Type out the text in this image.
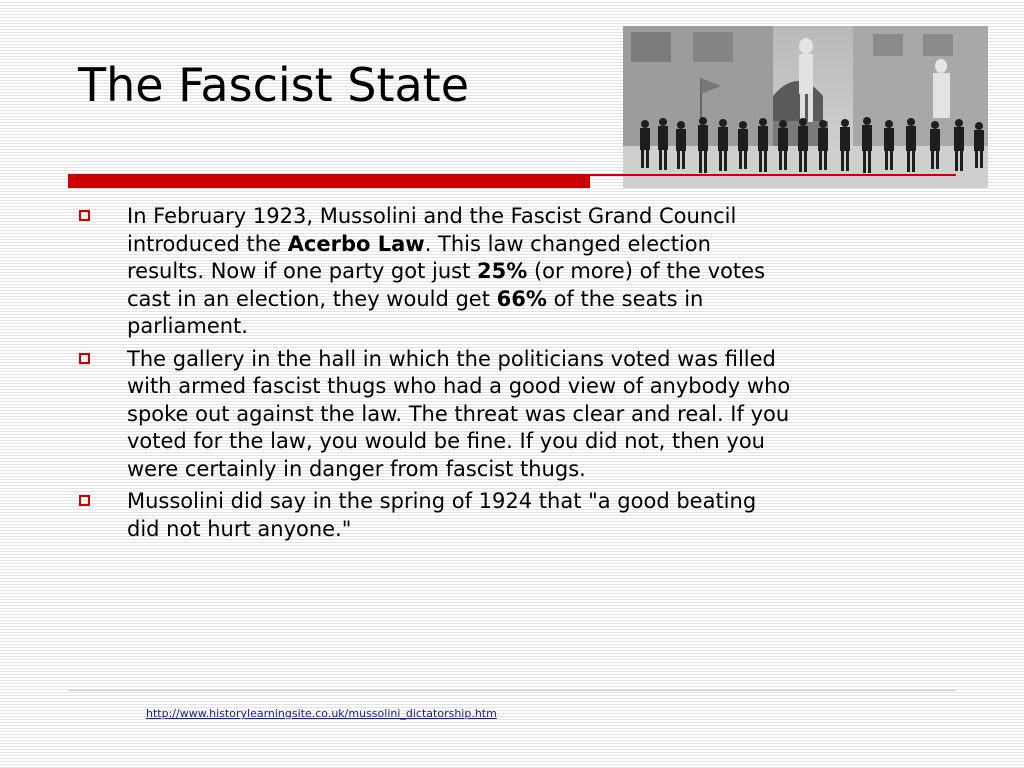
The Fascist State
In February 1923, Mussolini and the Fascist Grand Council introduced the Acerbo Law. This law changed election results. Now if one party got just 25% (or more) of the votes cast in an election, they would get 66% of the seats in parliament.
The gallery in the hall in which the politicians voted was filled with armed fascist thugs who had a good view of anybody who spoke out against the law. The threat was clear and real. If you voted for the law, you would be fine. If you did not, then you were certainly in danger from fascist thugs.
Mussolini did say in the spring of 1924 that "a good beating did not hurt anyone."
http://www.historylearningsite.co.uk/mussolini_dictatorship.htm
